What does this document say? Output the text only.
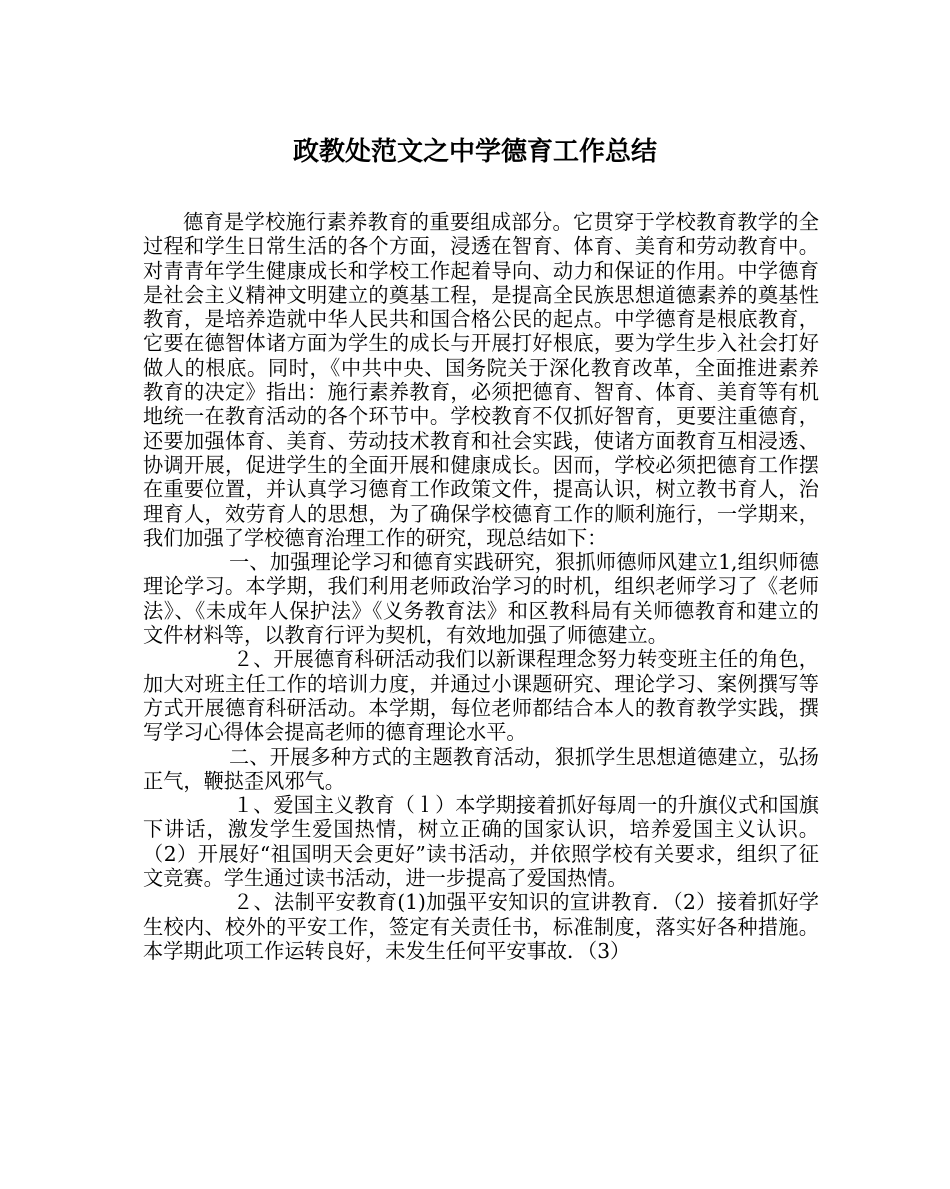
政教处范文之中学德育工作总结

德育是学校施行素养教育的重要组成部分。它贯穿于学校教育教学的全过程和学生日常生活的各个方面，浸透在智育、体育、美育和劳动教育中。对青青年学生健康成长和学校工作起着导向、动力和保证的作用。中学德育是社会主义精神文明建立的奠基工程，是提高全民族思想道德素养的奠基性教育，是培养造就中华人民共和国合格公民的起点。中学德育是根底教育，它要在德智体诸方面为学生的成长与开展打好根底，要为学生步入社会打好做人的根底。同时，《中共中央、国务院关于深化教育改革，全面推进素养教育的决定》指出：施行素养教育，必须把德育、智育、体育、美育等有机地统一在教育活动的各个环节中。学校教育不仅抓好智育，更要注重德育，还要加强体育、美育、劳动技术教育和社会实践，使诸方面教育互相浸透、协调开展，促进学生的全面开展和健康成长。因而，学校必须把德育工作摆在重要位置，并认真学习德育工作政策文件，提高认识，树立教书育人，治理育人，效劳育人的思想，为了确保学校德育工作的顺利施行，一学期来，我们加强了学校德育治理工作的研究，现总结如下：

一、加强理论学习和德育实践研究，狠抓师德师风建立1,组织师德理论学习。本学期，我们利用老师政治学习的时机，组织老师学习了《老师法》、《未成年人保护法》《义务教育法》和区教科局有关师德教育和建立的文件材料等，以教育行评为契机，有效地加强了师德建立。

２、开展德育科研活动我们以新课程理念努力转变班主任的角色，加大对班主任工作的培训力度，并通过小课题研究、理论学习、案例撰写等方式开展德育科研活动。本学期，每位老师都结合本人的教育教学实践，撰写学习心得体会提高老师的德育理论水平。

二、开展多种方式的主题教育活动，狠抓学生思想道德建立，弘扬正气，鞭挞歪风邪气。

１、爱国主义教育（ｌ）本学期接着抓好每周一的升旗仪式和国旗下讲话，激发学生爱国热情，树立正确的国家认识，培养爱国主义认识。（2）开展好“祖国明天会更好”读书活动，并依照学校有关要求，组织了征文竞赛。学生通过读书活动，进一步提高了爱国热情。

２、法制平安教育(1)加强平安知识的宣讲教育．（2）接着抓好学生校内、校外的平安工作，签定有关责任书，标准制度，落实好各种措施。本学期此项工作运转良好，未发生任何平安事故．（3）
